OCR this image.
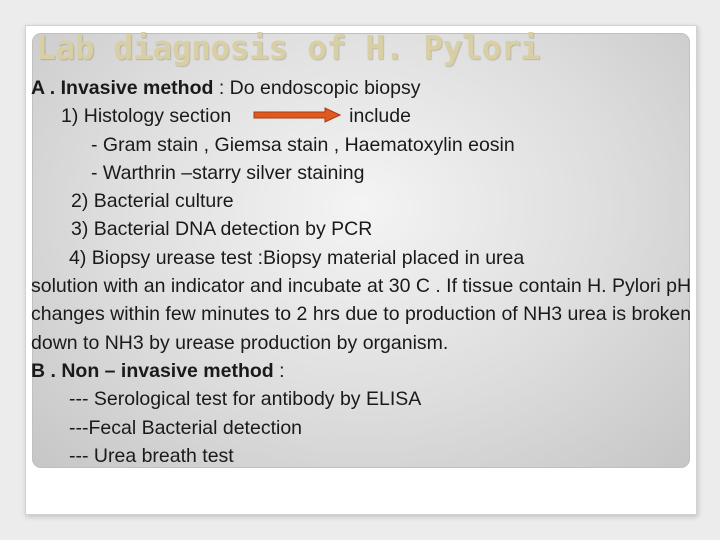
Lab diagnosis of H. Pylori
A . Invasive method : Do endoscopic biopsy
1) Histology section	include
- Gram stain , Giemsa stain , Haematoxylin eosin
- Warthrin –starry silver staining
2) Bacterial culture
3) Bacterial DNA detection by PCR
4) Biopsy urease test :Biopsy material placed in urea
solution with an indicator and incubate at 30 C . If tissue contain H. Pylori pH changes within few minutes to 2 hrs due to production of NH3 urea is broken down to NH3 by urease production by organism.
B . Non – invasive method :
--- Serological test for antibody by ELISA
---Fecal Bacterial detection
--- Urea breath test
